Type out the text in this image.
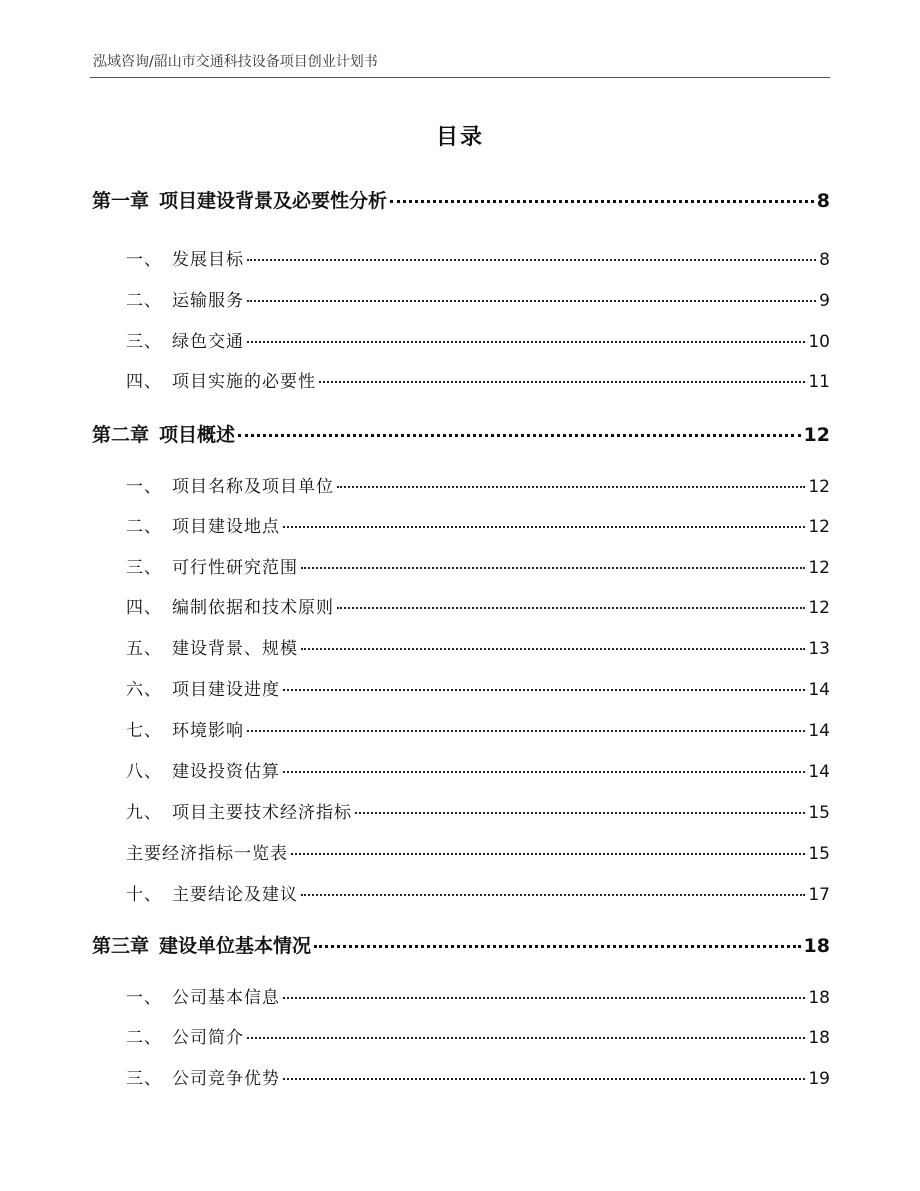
泓域咨询/韶山市交通科技设备项目创业计划书
目录
第一章 项目建设背景及必要性分析	8
一、 发展目标	8
二、 运输服务	9
三、 绿色交通	10
四、 项目实施的必要性	11
第二章 项目概述	12
一、 项目名称及项目单位	12
二、 项目建设地点	12
三、 可行性研究范围	12
四、 编制依据和技术原则	12
五、 建设背景、规模	13
六、 项目建设进度	14
七、 环境影响	14
八、 建设投资估算	14
九、 项目主要技术经济指标	15
主要经济指标一览表	15
十、 主要结论及建议	17
第三章 建设单位基本情况	18
一、 公司基本信息	18
二、 公司简介	18
三、 公司竞争优势	19
